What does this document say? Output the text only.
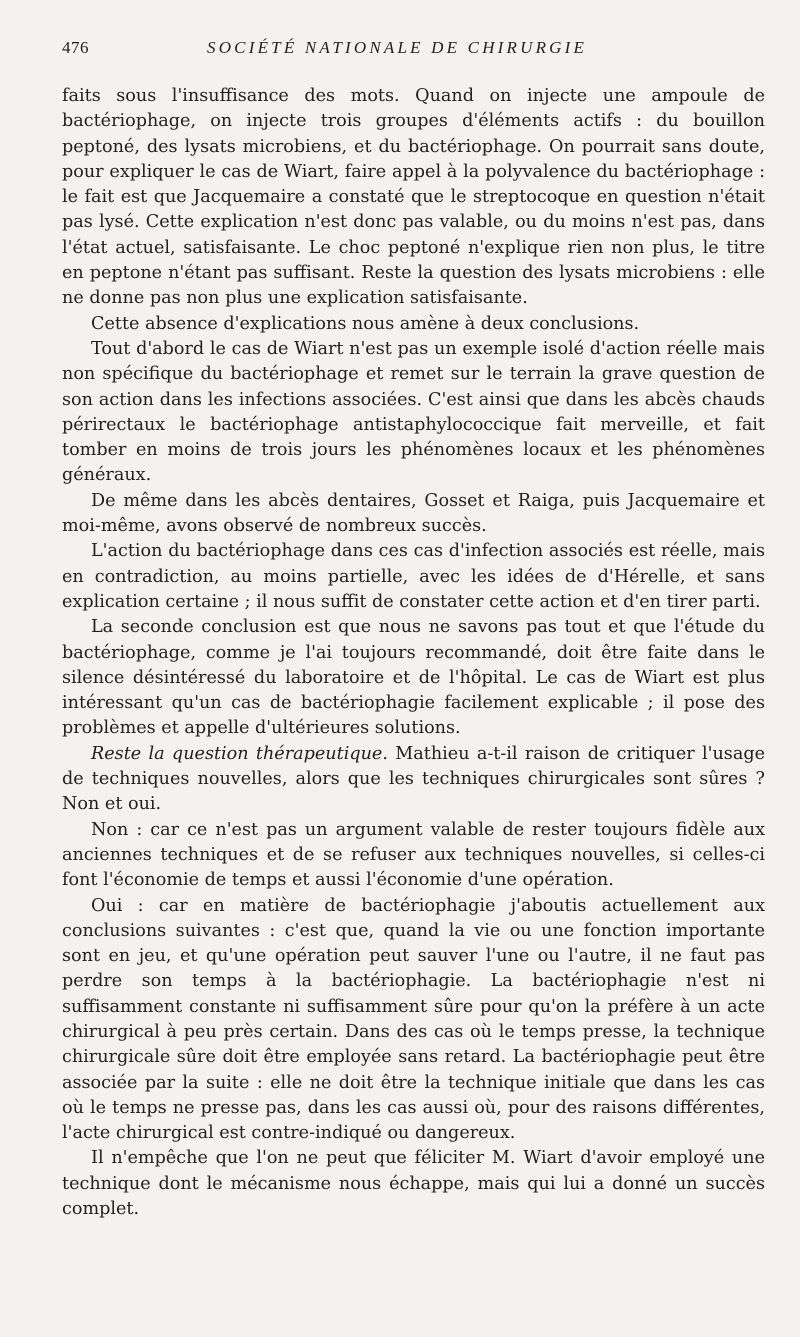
476	SOCIÉTÉ NATIONALE DE CHIRURGIE

faits sous l'insuffisance des mots. Quand on injecte une ampoule de bactériophage, on injecte trois groupes d'éléments actifs : du bouillon peptoné, des lysats microbiens, et du bactériophage. On pourrait sans doute, pour expliquer le cas de Wiart, faire appel à la polyvalence du bactériophage : le fait est que Jacquemaire a constaté que le streptocoque en question n'était pas lysé. Cette explication n'est donc pas valable, ou du moins n'est pas, dans l'état actuel, satisfaisante. Le choc peptoné n'explique rien non plus, le titre en peptone n'étant pas suffisant. Reste la question des lysats microbiens : elle ne donne pas non plus une explication satisfaisante.

Cette absence d'explications nous amène à deux conclusions.

Tout d'abord le cas de Wiart n'est pas un exemple isolé d'action réelle mais non spécifique du bactériophage et remet sur le terrain la grave question de son action dans les infections associées. C'est ainsi que dans les abcès chauds périrectaux le bactériophage antistaphylococcique fait merveille, et fait tomber en moins de trois jours les phénomènes locaux et les phénomènes généraux.

De même dans les abcès dentaires, Gosset et Raiga, puis Jacquemaire et moi-même, avons observé de nombreux succès.

L'action du bactériophage dans ces cas d'infection associés est réelle, mais en contradiction, au moins partielle, avec les idées de d'Hérelle, et sans explication certaine ; il nous suffit de constater cette action et d'en tirer parti.

La seconde conclusion est que nous ne savons pas tout et que l'étude du bactériophage, comme je l'ai toujours recommandé, doit être faite dans le silence désintéressé du laboratoire et de l'hôpital. Le cas de Wiart est plus intéressant qu'un cas de bactériophagie facilement explicable ; il pose des problèmes et appelle d'ultérieures solutions.

Reste la question thérapeutique. Mathieu a-t-il raison de critiquer l'usage de techniques nouvelles, alors que les techniques chirurgicales sont sûres ? Non et oui.

Non : car ce n'est pas un argument valable de rester toujours fidèle aux anciennes techniques et de se refuser aux techniques nouvelles, si celles-ci font l'économie de temps et aussi l'économie d'une opération.

Oui : car en matière de bactériophagie j'aboutis actuellement aux conclusions suivantes : c'est que, quand la vie ou une fonction importante sont en jeu, et qu'une opération peut sauver l'une ou l'autre, il ne faut pas perdre son temps à la bactériophagie. La bactériophagie n'est ni suffisamment constante ni suffisamment sûre pour qu'on la préfère à un acte chirurgical à peu près certain. Dans des cas où le temps presse, la technique chirurgicale sûre doit être employée sans retard. La bactériophagie peut être associée par la suite : elle ne doit être la technique initiale que dans les cas où le temps ne presse pas, dans les cas aussi où, pour des raisons différentes, l'acte chirurgical est contre-indiqué ou dangereux.

Il n'empêche que l'on ne peut que féliciter M. Wiart d'avoir employé une technique dont le mécanisme nous échappe, mais qui lui a donné un succès complet.
